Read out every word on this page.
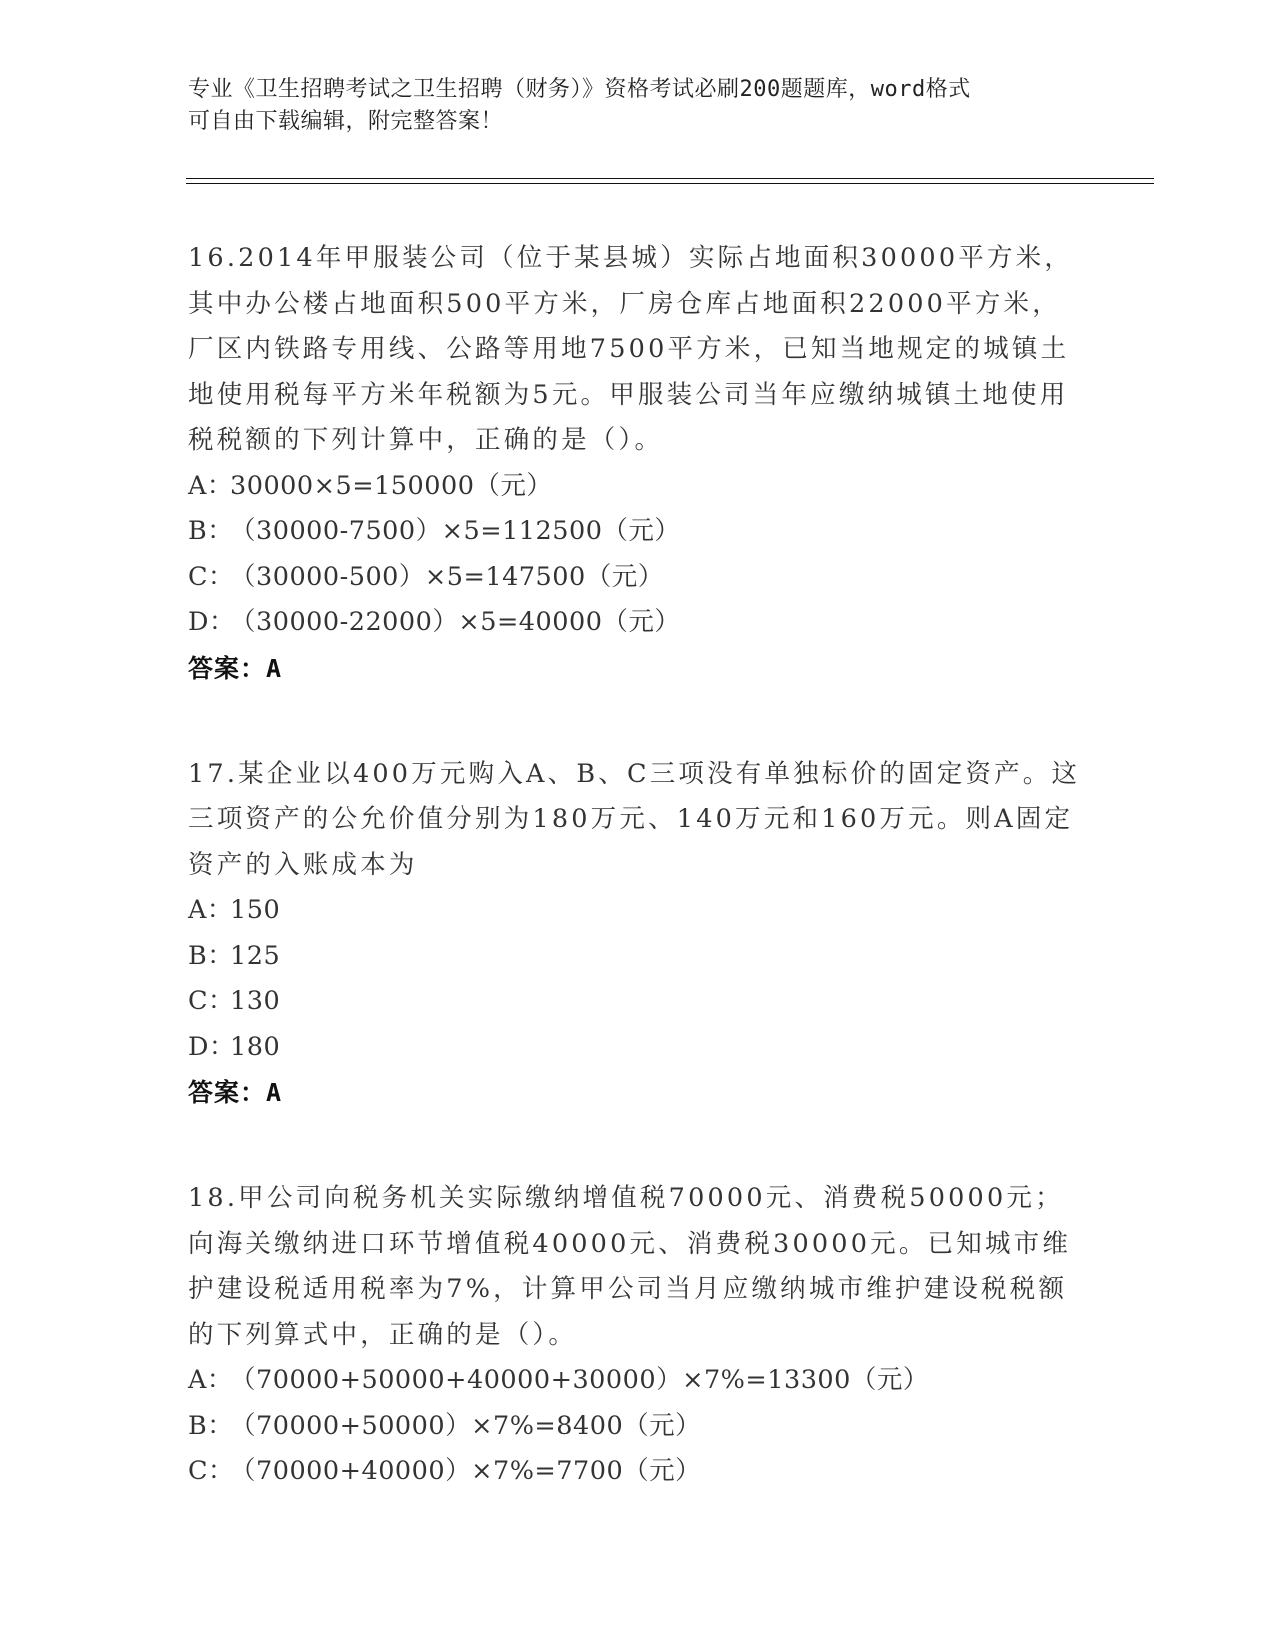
专业《卫生招聘考试之卫生招聘（财务）》资格考试必刷200题题库，word格式
可自由下载编辑，附完整答案！

16.2014年甲服装公司（位于某县城）实际占地面积30000平方米，其中办公楼占地面积500平方米，厂房仓库占地面积22000平方米，厂区内铁路专用线、公路等用地7500平方米，已知当地规定的城镇土地使用税每平方米年税额为5元。甲服装公司当年应缴纳城镇土地使用税税额的下列计算中，正确的是（）。

A：30000×5=150000（元）

B：（30000-7500）×5=112500（元）

C：（30000-500）×5=147500（元）

D：（30000-22000）×5=40000（元）

答案：A

17.某企业以400万元购入A、B、C三项没有单独标价的固定资产。这三项资产的公允价值分别为180万元、140万元和160万元。则A固定资产的入账成本为

A：150

B：125

C：130

D：180

答案：A

18.甲公司向税务机关实际缴纳增值税70000元、消费税50000元；向海关缴纳进口环节增值税40000元、消费税30000元。已知城市维护建设税适用税率为7%，计算甲公司当月应缴纳城市维护建设税税额的下列算式中，正确的是（）。

A：（70000+50000+40000+30000）×7%=13300（元）

B：（70000+50000）×7%=8400（元）

C：（70000+40000）×7%=7700（元）
